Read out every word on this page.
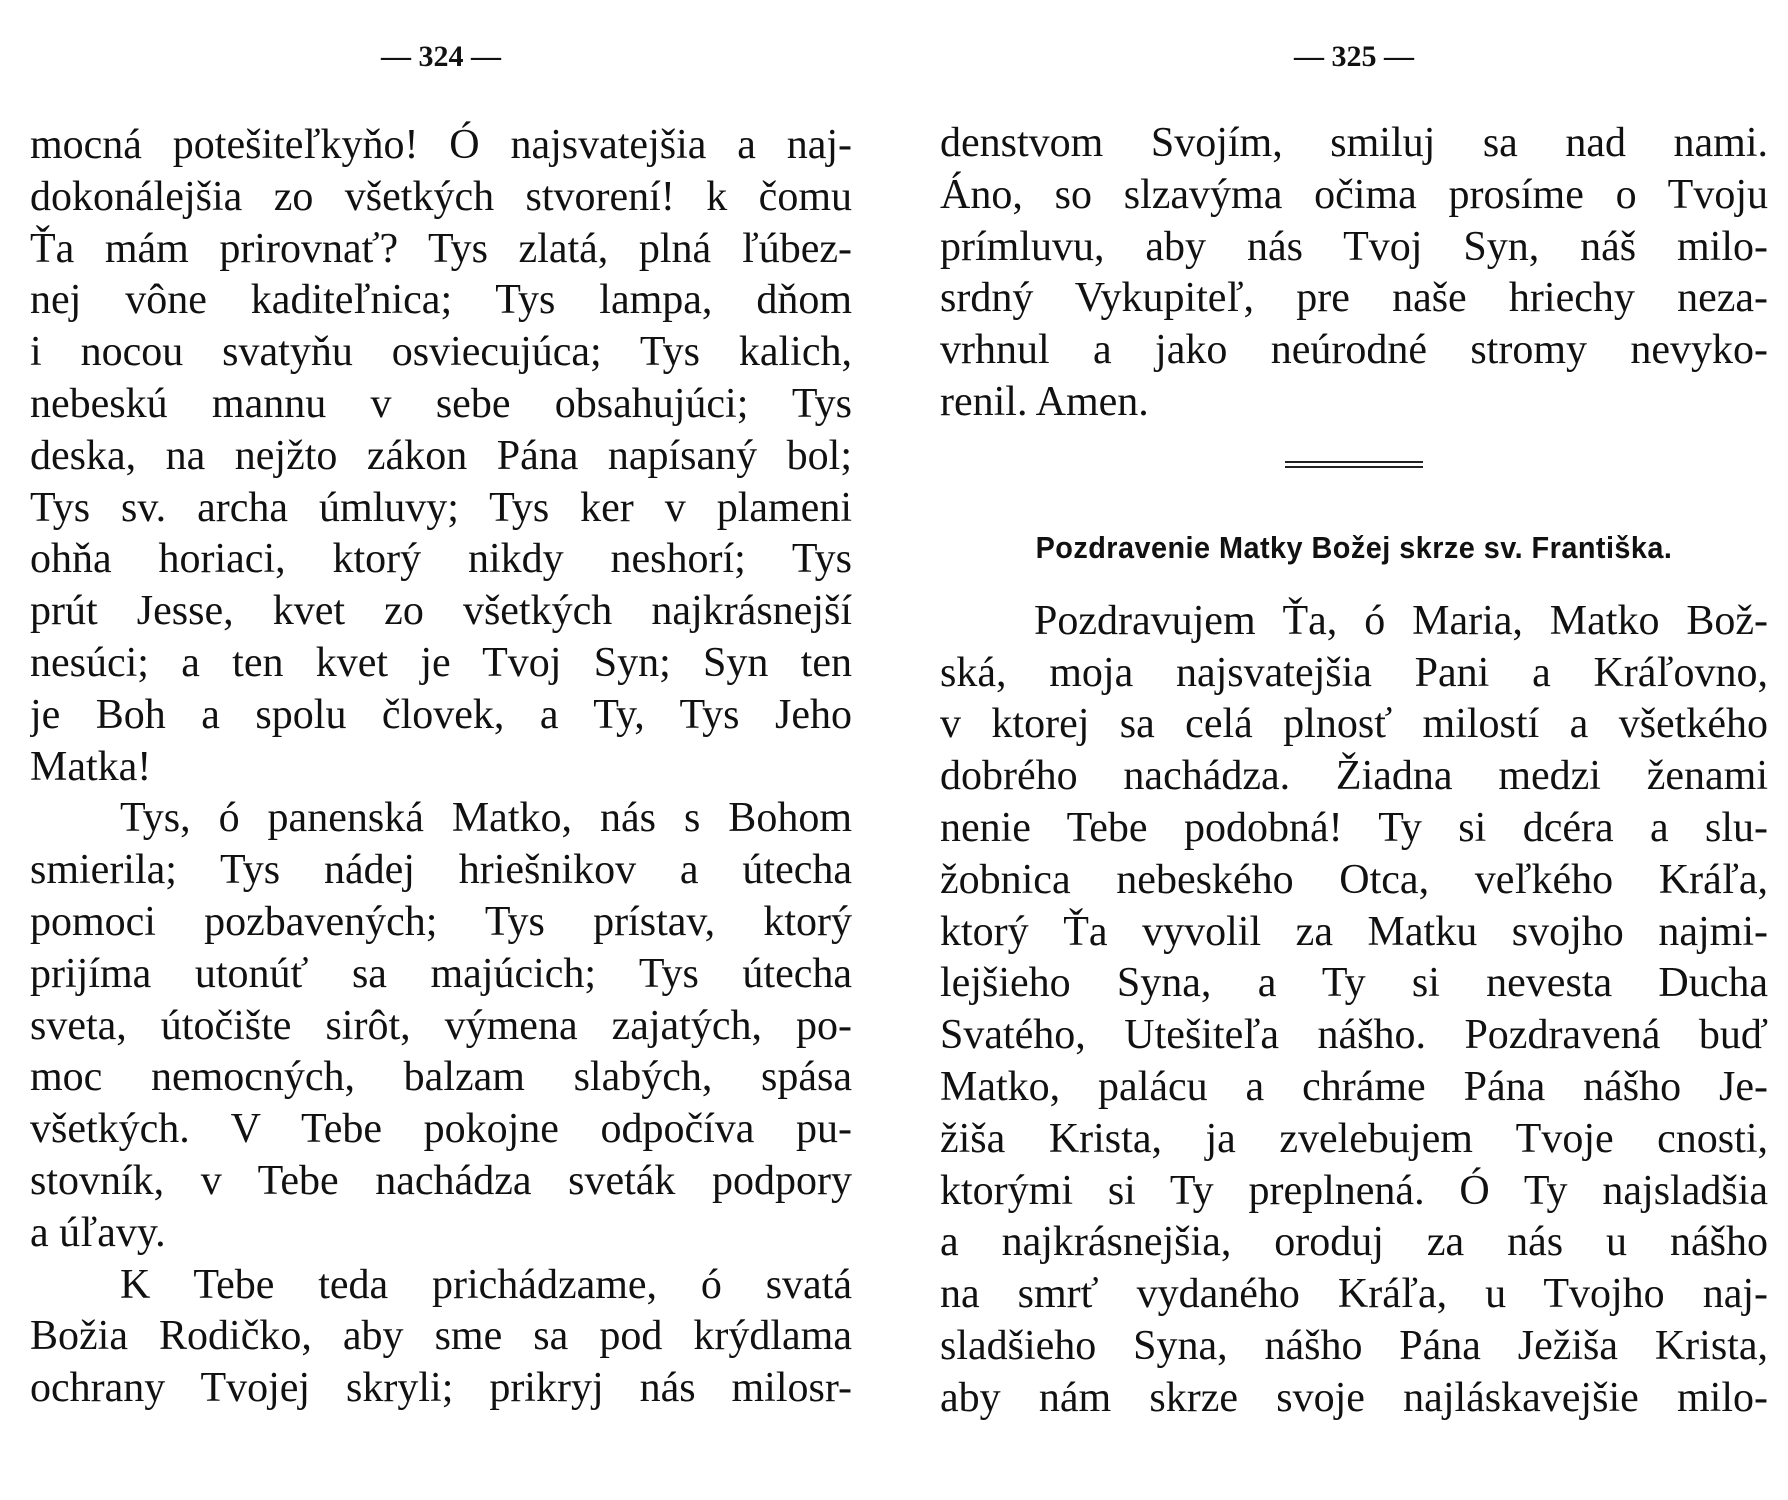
— 324 —
mocná potešiteľkyňo! Ó najsvatejšia a naj-
dokonálejšia zo všetkých stvorení! k čomu
Ťa mám prirovnať? Tys zlatá, plná ľúbez-
nej vône kaditeľnica; Tys lampa, dňom
i nocou svatyňu osviecujúca; Tys kalich,
nebeskú mannu v sebe obsahujúci; Tys
deska, na nejžto zákon Pána napísaný bol;
Tys sv. archa úmluvy; Tys ker v plameni
ohňa horiaci, ktorý nikdy neshorí; Tys
prút Jesse, kvet zo všetkých najkrásnejší
nesúci; a ten kvet je Tvoj Syn; Syn ten
je Boh a spolu človek, a Ty, Tys Jeho
Matka!
Tys, ó panenská Matko, nás s Bohom
smierila; Tys nádej hriešnikov a útecha
pomoci pozbavených; Tys prístav, ktorý
prijíma utonúť sa majúcich; Tys útecha
sveta, útočište sirôt, výmena zajatých, po-
moc nemocných, balzam slabých, spása
všetkých. V Tebe pokojne odpočíva pu-
stovník, v Tebe nachádza sveták podpory
a úľavy.
K Tebe teda prichádzame, ó svatá
Božia Rodičko, aby sme sa pod krýdlama
ochrany Tvojej skryli; prikryj nás milosr-
— 325 —
denstvom Svojím, smiluj sa nad nami.
Áno, so slzavýma očima prosíme o Tvoju
prímluvu, aby nás Tvoj Syn, náš milo-
srdný Vykupiteľ, pre naše hriechy neza-
vrhnul a jako neúrodné stromy nevyko-
renil. Amen.
Pozdravenie Matky Božej skrze sv. Františka.
Pozdravujem Ťa, ó Maria, Matko Bož-
ská, moja najsvatejšia Pani a Kráľovno,
v ktorej sa celá plnosť milostí a všetkého
dobrého nachádza. Žiadna medzi ženami
nenie Tebe podobná! Ty si dcéra a slu-
žobnica nebeského Otca, veľkého Kráľa,
ktorý Ťa vyvolil za Matku svojho najmi-
lejšieho Syna, a Ty si nevesta Ducha
Svatého, Utešiteľa nášho. Pozdravená buď
Matko, palácu a chráme Pána nášho Je-
žiša Krista, ja zvelebujem Tvoje cnosti,
ktorými si Ty preplnená. Ó Ty najsladšia
a najkrásnejšia, oroduj za nás u nášho
na smrť vydaného Kráľa, u Tvojho naj-
sladšieho Syna, nášho Pána Ježiša Krista,
aby nám skrze svoje najláskavejšie milo-
